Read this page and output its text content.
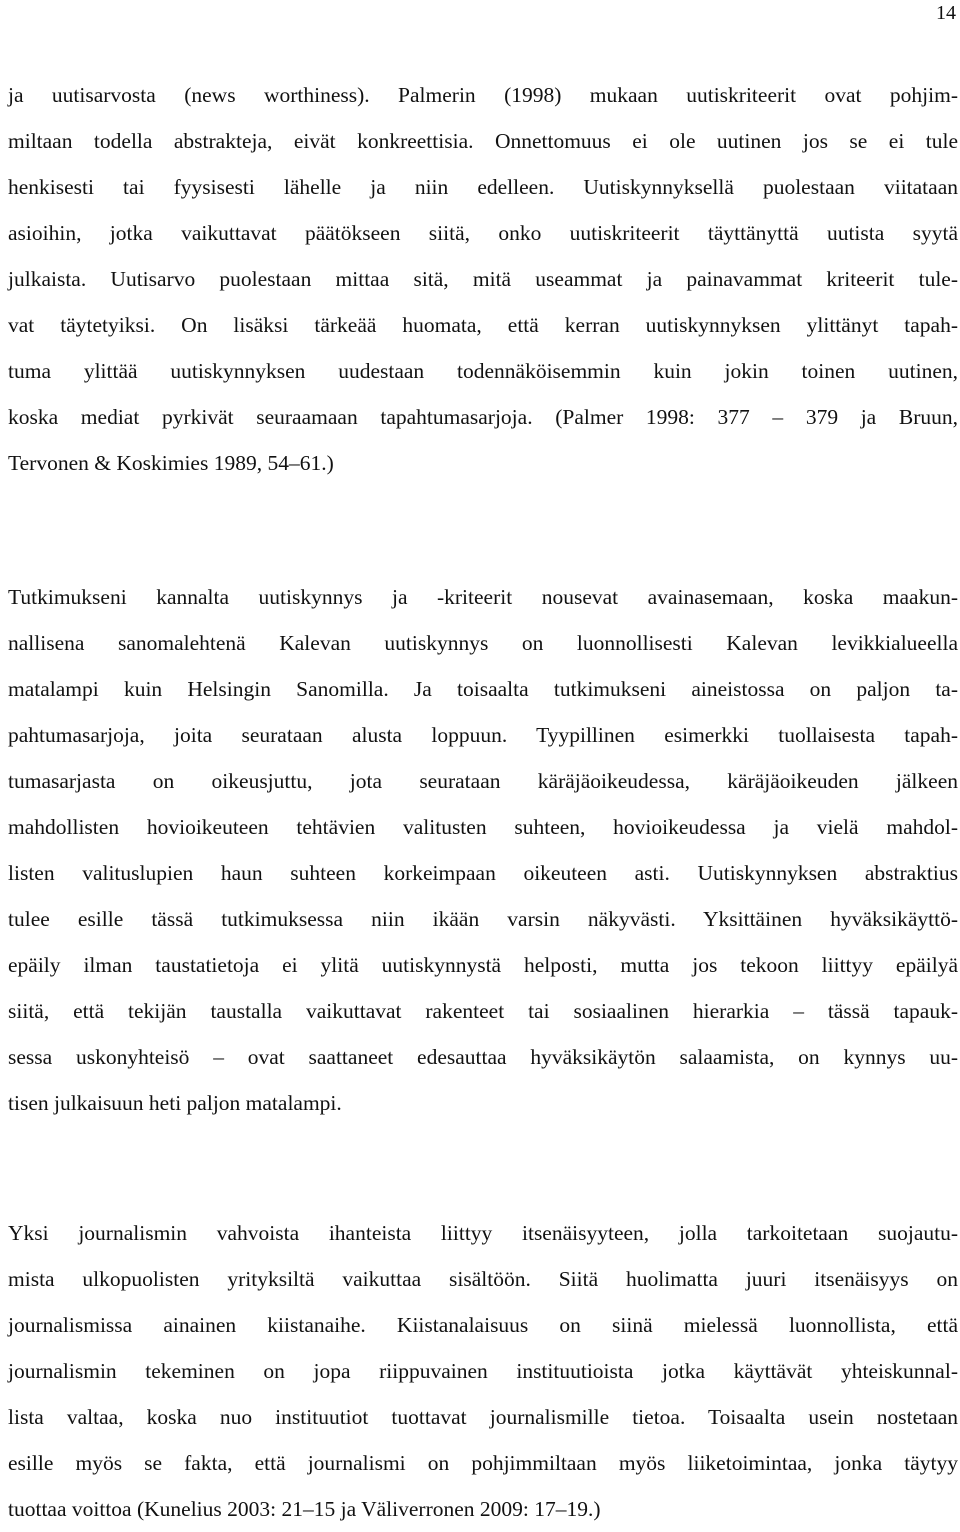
14
ja uutisarvosta (news worthiness). Palmerin (1998) mukaan uutiskriteerit ovat pohjim-
miltaan todella abstrakteja, eivät konkreettisia. Onnettomuus ei ole uutinen jos se ei tule
henkisesti tai fyysisesti lähelle ja niin edelleen. Uutiskynnyksellä puolestaan viitataan
asioihin, jotka vaikuttavat päätökseen siitä, onko uutiskriteerit täyttänyttä uutista syytä
julkaista. Uutisarvo puolestaan mittaa sitä, mitä useammat ja painavammat kriteerit tule-
vat täytetyiksi. On lisäksi tärkeää huomata, että kerran uutiskynnyksen ylittänyt tapah-
tuma ylittää uutiskynnyksen uudestaan todennäköisemmin kuin jokin toinen uutinen,
koska mediat pyrkivät seuraamaan tapahtumasarjoja. (Palmer 1998: 377 – 379 ja Bruun,
Tervonen & Koskimies 1989, 54–61.)
Tutkimukseni kannalta uutiskynnys ja -kriteerit nousevat avainasemaan, koska maakun-
nallisena sanomalehtenä Kalevan uutiskynnys on luonnollisesti Kalevan levikkialueella
matalampi kuin Helsingin Sanomilla. Ja toisaalta tutkimukseni aineistossa on paljon ta-
pahtumasarjoja, joita seurataan alusta loppuun. Tyypillinen esimerkki tuollaisesta tapah-
tumasarjasta on oikeusjuttu, jota seurataan käräjäoikeudessa, käräjäoikeuden jälkeen
mahdollisten hovioikeuteen tehtävien valitusten suhteen, hovioikeudessa ja vielä mahdol-
listen valituslupien haun suhteen korkeimpaan oikeuteen asti. Uutiskynnyksen abstraktius
tulee esille tässä tutkimuksessa niin ikään varsin näkyvästi. Yksittäinen hyväksikäyttö-
epäily ilman taustatietoja ei ylitä uutiskynnystä helposti, mutta jos tekoon liittyy epäilyä
siitä, että tekijän taustalla vaikuttavat rakenteet tai sosiaalinen hierarkia – tässä tapauk-
sessa uskonyhteisö – ovat saattaneet edesauttaa hyväksikäytön salaamista, on kynnys uu-
tisen julkaisuun heti paljon matalampi.
Yksi journalismin vahvoista ihanteista liittyy itsenäisyyteen, jolla tarkoitetaan suojautu-
mista ulkopuolisten yrityksiltä vaikuttaa sisältöön. Siitä huolimatta juuri itsenäisyys on
journalismissa ainainen kiistanaihe. Kiistanalaisuus on siinä mielessä luonnollista, että
journalismin tekeminen on jopa riippuvainen instituutioista jotka käyttävät yhteiskunnal-
lista valtaa, koska nuo instituutiot tuottavat journalismille tietoa. Toisaalta usein nostetaan
esille myös se fakta, että journalismi on pohjimmiltaan myös liiketoimintaa, jonka täytyy
tuottaa voittoa (Kunelius 2003: 21–15 ja Väliverronen 2009: 17–19.)
